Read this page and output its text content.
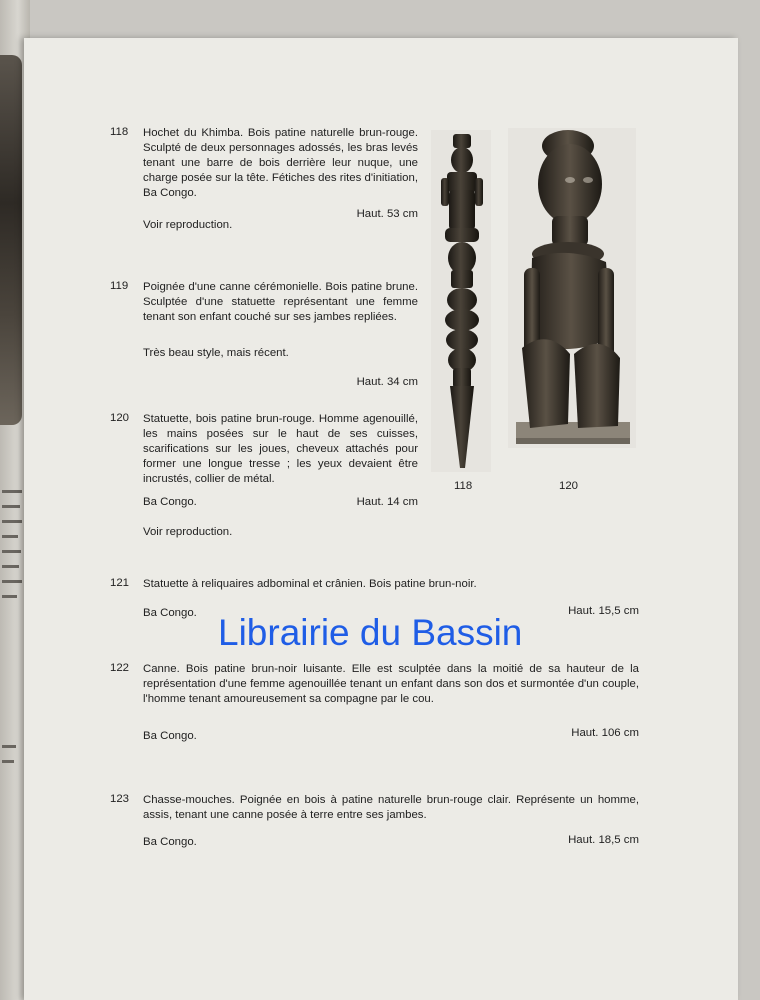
118 Hochet du Khimba. Bois patine naturelle brun-rouge. Sculpté de deux personnages adossés, les bras levés tenant une barre de bois derrière leur nuque, une charge posée sur la tête. Fétiches des rites d'initiation, Ba Congo.
Haut. 53 cm
Voir reproduction.
119 Poignée d'une canne cérémonielle. Bois patine brune. Sculptée d'une statuette représentant une femme tenant son enfant couché sur ses jambes repliées.
Très beau style, mais récent.
Haut. 34 cm
120 Statuette, bois patine brun-rouge. Homme agenouillé, les mains posées sur le haut de ses cuisses, scarifications sur les joues, cheveux attachés pour former une longue tresse ; les yeux devaient être incrustés, collier de métal.
Ba Congo.	Haut. 14 cm
Voir reproduction.
121 Statuette à reliquaires adbominal et crânien. Bois patine brun-noir.
Ba Congo.	Haut. 15,5 cm
122 Canne. Bois patine brun-noir luisante. Elle est sculptée dans la moitié de sa hauteur de la représentation d'une femme agenouillée tenant un enfant dans son dos et surmontée d'un couple, l'homme tenant amoureusement sa compagne par le cou.
Ba Congo.	Haut. 106 cm
123 Chasse-mouches. Poignée en bois à patine naturelle brun-rouge clair. Représente un homme, assis, tenant une canne posée à terre entre ses jambes.
Ba Congo.	Haut. 18,5 cm
118	120
Librairie du Bassin
